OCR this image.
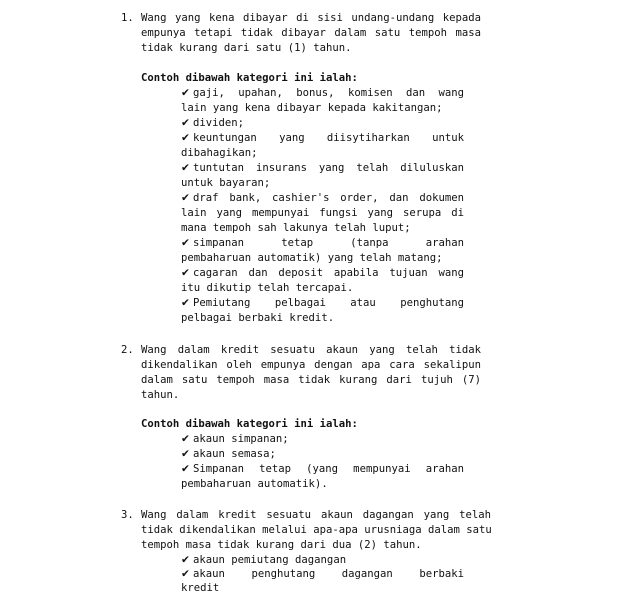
1. Wang yang kena dibayar di sisi undang-undang kepada
empunya tetapi tidak dibayar dalam satu tempoh masa
tidak kurang dari satu (1) tahun.
Contoh dibawah kategori ini ialah:
✔ gaji,  upahan,  bonus,  komisen  dan  wang
lain yang kena dibayar kepada kakitangan;
✔ dividen;
✔ keuntungan  yang  diisytiharkan  untuk
dibahagikan;
✔ tuntutan insurans yang telah diluluskan
untuk bayaran;
✔ draf bank, cashier's order, dan dokumen
lain yang mempunyai fungsi yang serupa di
mana tempoh sah lakunya telah luput;
✔ simpanan  tetap  (tanpa  arahan
pembaharuan automatik) yang telah matang;
✔ cagaran dan deposit apabila tujuan wang
itu dikutip telah tercapai.
✔ Pemiutang  pelbagai  atau  penghutang
pelbagai berbaki kredit.
2. Wang dalam kredit sesuatu akaun yang telah tidak
dikendalikan oleh empunya dengan apa cara sekalipun
dalam satu tempoh masa tidak kurang dari tujuh (7)
tahun.
Contoh dibawah kategori ini ialah:
✔ akaun simpanan;
✔ akaun semasa;
✔ Simpanan tetap (yang mempunyai arahan
pembaharuan automatik).
3. Wang dalam kredit sesuatu akaun dagangan yang telah
tidak dikendalikan melalui apa-apa urusniaga dalam satu
tempoh masa tidak kurang dari dua (2) tahun.
✔ akaun pemiutang dagangan
✔ akaun  penghutang  dagangan  berbaki
kredit
